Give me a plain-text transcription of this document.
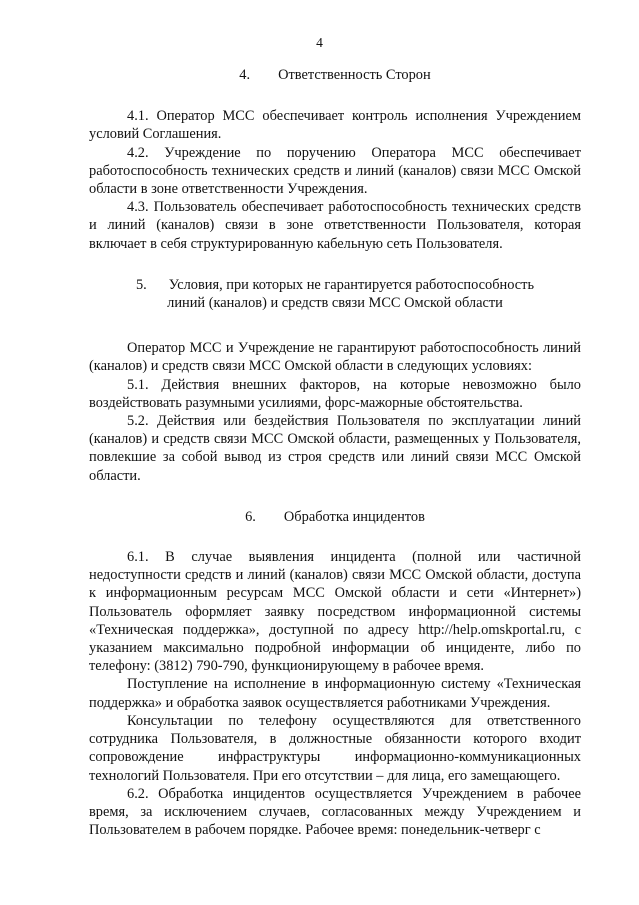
4
4. Ответственность Сторон

4.1. Оператор МСС обеспечивает контроль исполнения Учреждением условий Соглашения.

4.2. Учреждение по поручению Оператора МСС обеспечивает работоспособность технических средств и линий (каналов) связи МСС Омской области в зоне ответственности Учреждения.

4.3. Пользователь обеспечивает работоспособность технических средств и линий (каналов) связи в зоне ответственности Пользователя, которая включает в себя структурированную кабельную сеть Пользователя.

5. Условия, при которых не гарантируется работоспособность
линий (каналов) и средств связи МСС Омской области

Оператор МСС и Учреждение не гарантируют работоспособность линий (каналов) и средств связи МСС Омской области в следующих условиях:

5.1. Действия внешних факторов, на которые невозможно было воздействовать разумными усилиями, форс-мажорные обстоятельства.

5.2. Действия или бездействия Пользователя по эксплуатации линий (каналов) и средств связи МСС Омской области, размещенных у Пользователя, повлекшие за собой вывод из строя средств или линий связи МСС Омской области.

6. Обработка инцидентов

6.1. В случае выявления инцидента (полной или частичной недоступности средств и линий (каналов) связи МСС Омской области, доступа к информационным ресурсам МСС Омской области и сети «Интернет») Пользователь оформляет заявку посредством информационной системы «Техническая поддержка», доступной по адресу http://help.omskportal.ru, с указанием максимально подробной информации об инциденте, либо по телефону: (3812) 790-790, функционирующему в рабочее время.

Поступление на исполнение в информационную систему «Техническая поддержка» и обработка заявок осуществляется работниками Учреждения.

Консультации по телефону осуществляются для ответственного сотрудника Пользователя, в должностные обязанности которого входит сопровождение инфраструктуры информационно-коммуникационных технологий Пользователя. При его отсутствии – для лица, его замещающего.

6.2. Обработка инцидентов осуществляется Учреждением в рабочее время, за исключением случаев, согласованных между Учреждением и Пользователем в рабочем порядке. Рабочее время: понедельник-четверг с
